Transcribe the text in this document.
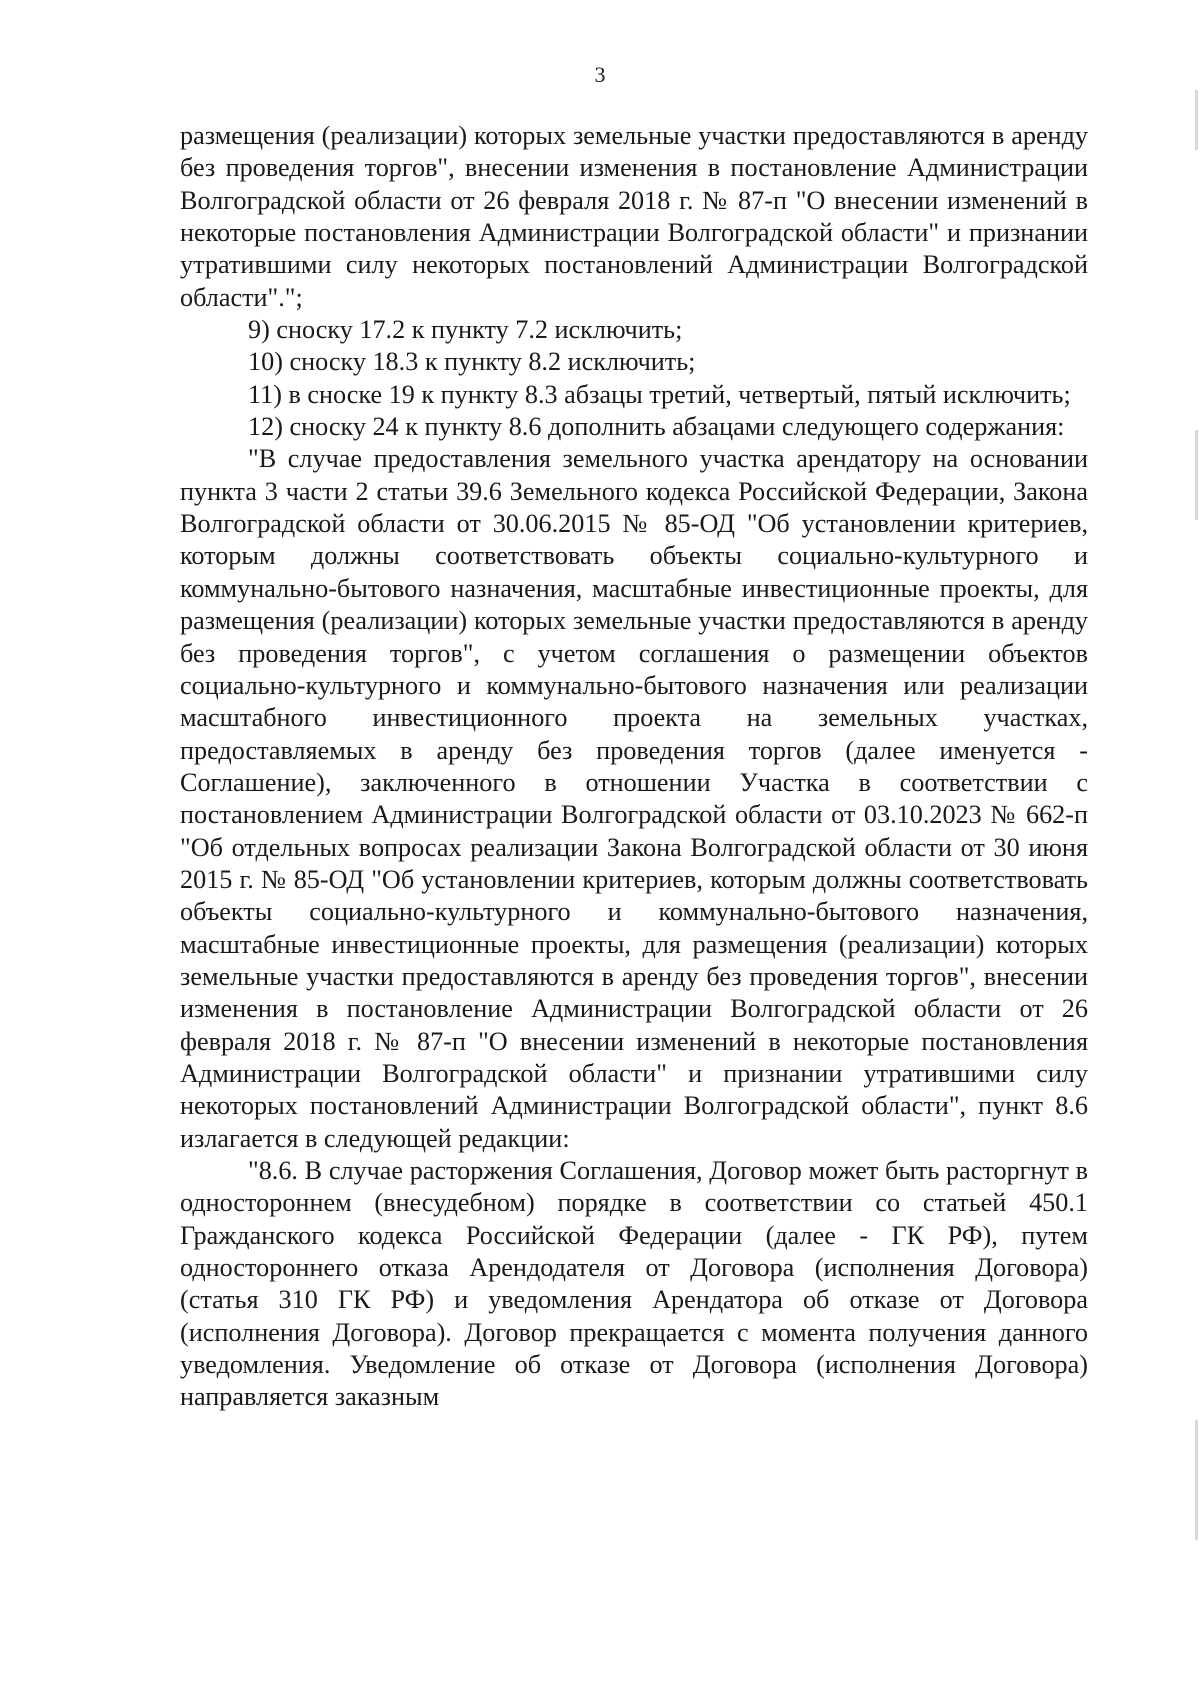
3

размещения (реализации) которых земельные участки предоставляются в аренду без проведения торгов", внесении изменения в постановление Администрации Волгоградской области от 26 февраля 2018 г. № 87-п "О внесении изменений в некоторые постановления Администрации Волгоградской области" и признании утратившими силу некоторых постановлений Администрации Волгоградской области".";

9) сноску 17.2 к пункту 7.2 исключить;

10) сноску 18.3 к пункту 8.2 исключить;

11) в сноске 19 к пункту 8.3 абзацы третий, четвертый, пятый исключить;

12) сноску 24 к пункту 8.6 дополнить абзацами следующего содержания:

"В случае предоставления земельного участка арендатору на основании пункта 3 части 2 статьи 39.6 Земельного кодекса Российской Федерации, Закона Волгоградской области от 30.06.2015 № 85-ОД "Об установлении критериев, которым должны соответствовать объекты социально-культурного и коммунально-бытового назначения, масштабные инвестиционные проекты, для размещения (реализации) которых земельные участки предоставляются в аренду без проведения торгов", с учетом соглашения о размещении объектов социально-культурного и коммунально-бытового назначения или реализации масштабного инвестиционного проекта на земельных участках, предоставляемых в аренду без проведения торгов (далее именуется - Соглашение), заключенного в отношении Участка в соответствии с постановлением Администрации Волгоградской области от 03.10.2023 № 662-п "Об отдельных вопросах реализации Закона Волгоградской области от 30 июня 2015 г. № 85-ОД "Об установлении критериев, которым должны соответствовать объекты социально-культурного и коммунально-бытового назначения, масштабные инвестиционные проекты, для размещения (реализации) которых земельные участки предоставляются в аренду без проведения торгов", внесении изменения в постановление Администрации Волгоградской области от 26 февраля 2018 г. № 87-п "О внесении изменений в некоторые постановления Администрации Волгоградской области" и признании утратившими силу некоторых постановлений Администрации Волгоградской области", пункт 8.6 излагается в следующей редакции:

"8.6. В случае расторжения Соглашения, Договор может быть расторгнут в одностороннем (внесудебном) порядке в соответствии со статьей 450.1 Гражданского кодекса Российской Федерации (далее - ГК РФ), путем одностороннего отказа Арендодателя от Договора (исполнения Договора) (статья 310 ГК РФ) и уведомления Арендатора об отказе от Договора (исполнения Договора). Договор прекращается с момента получения данного уведомления. Уведомление об отказе от Договора (исполнения Договора) направляется заказным
